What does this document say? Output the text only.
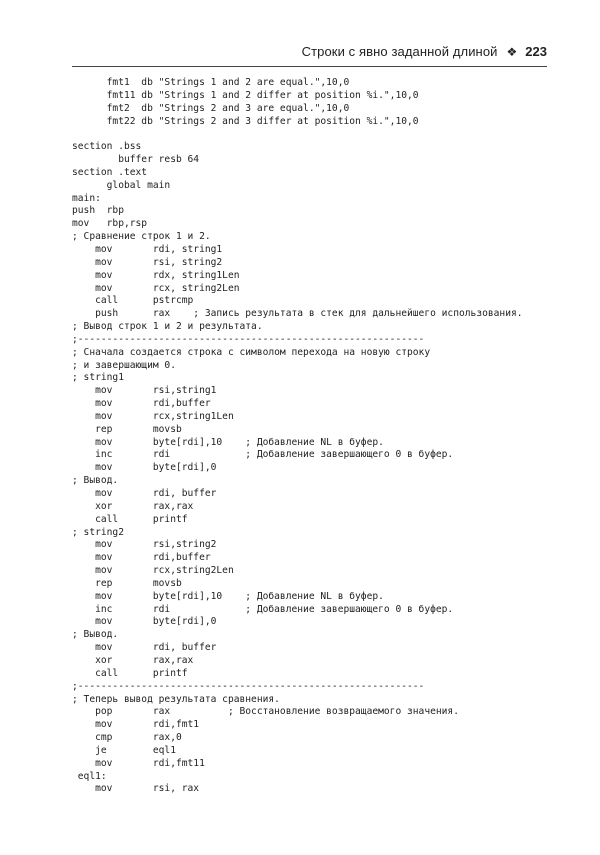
Строки с явно заданной длиной ❖ 223
fmt1  db "Strings 1 and 2 are equal.",10,0
fmt11 db "Strings 1 and 2 differ at position %i.",10,0
fmt2  db "Strings 2 and 3 are equal.",10,0
fmt22 db "Strings 2 and 3 differ at position %i.",10,0

section .bss
buffer resb 64
section .text
global main
main:
push  rbp
mov   rbp,rsp
; Сравнение строк 1 и 2.
mov       rdi, string1
mov       rsi, string2
mov       rdx, string1Len
mov       rcx, string2Len
call      pstrcmp
push      rax    ; Запись результата в стек для дальнейшего использования.
; Вывод строк 1 и 2 и результата.
;------------------------------------------------------------
; Сначала создается строка с символом перехода на новую строку
; и завершающим 0.
; string1
mov       rsi,string1
mov       rdi,buffer
mov       rcx,string1Len
rep       movsb
mov       byte[rdi],10    ; Добавление NL в буфер.
inc       rdi             ; Добавление завершающего 0 в буфер.
mov       byte[rdi],0
; Вывод.
mov       rdi, buffer
xor       rax,rax
call      printf
; string2
mov       rsi,string2
mov       rdi,buffer
mov       rcx,string2Len
rep       movsb
mov       byte[rdi],10    ; Добавление NL в буфер.
inc       rdi             ; Добавление завершающего 0 в буфер.
mov       byte[rdi],0
; Вывод.
mov       rdi, buffer
xor       rax,rax
call      printf
;------------------------------------------------------------
; Теперь вывод результата сравнения.
pop       rax          ; Восстановление возвращаемого значения.
mov       rdi,fmt1
cmp       rax,0
je        eql1
mov       rdi,fmt11
eql1:
mov       rsi, rax
